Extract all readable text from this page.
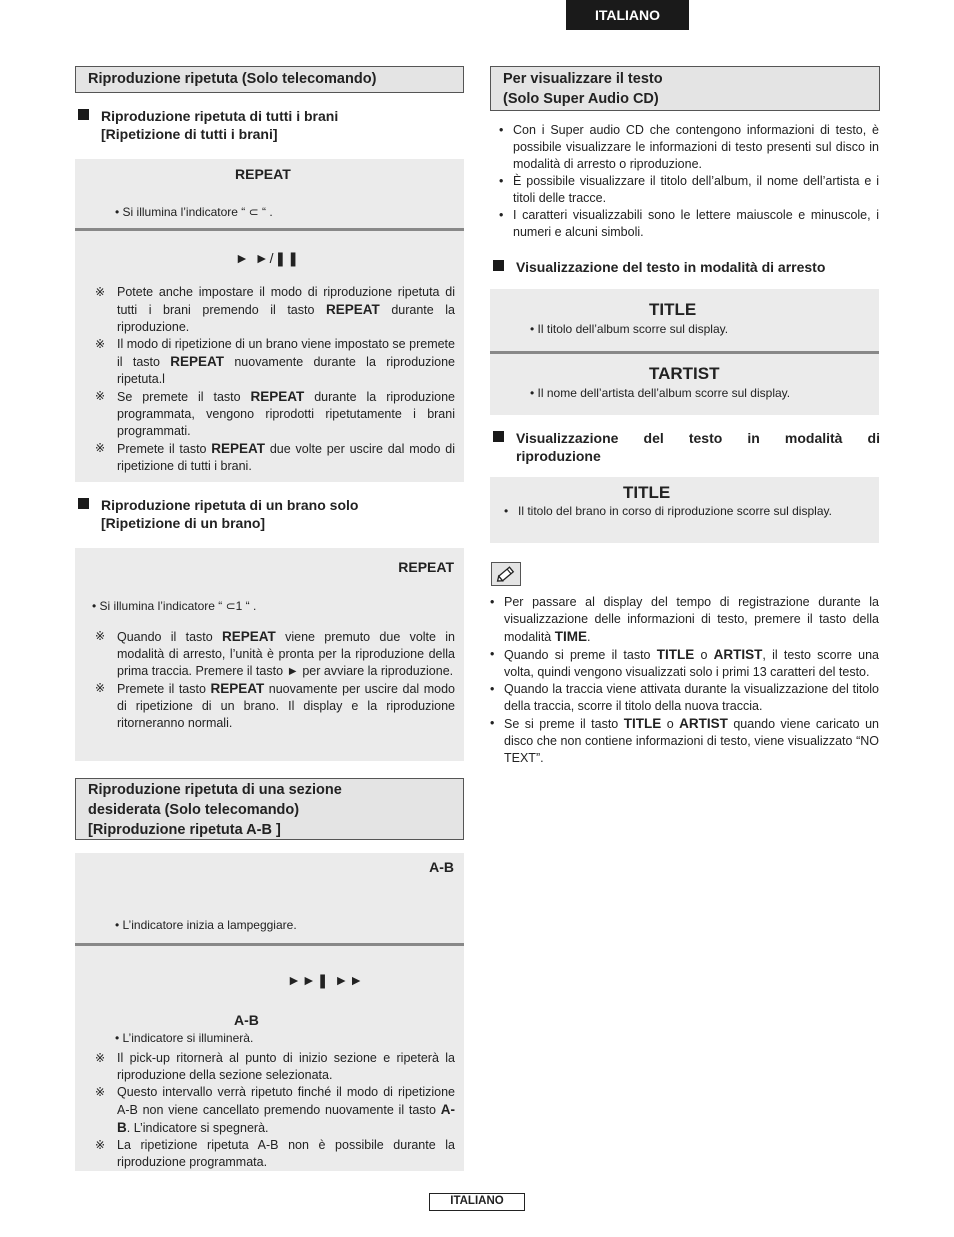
ITALIANO
Riproduzione ripetuta (Solo telecomando)
Riproduzione ripetuta di tutti i brani
[Ripetizione di tutti i brani]
REPEAT
• Si illumina l’indicatore “ ⊂ “ .
► ►/❚❚
※ Potete anche impostare il modo di riproduzione ripetuta di tutti i brani premendo il tasto REPEAT durante la riproduzione.
※ Il modo di ripetizione di un brano viene impostato se premete il tasto REPEAT nuovamente durante la riproduzione ripetuta.l
※ Se premete il tasto REPEAT durante la riproduzione programmata, vengono riprodotti ripetutamente i brani programmati.
※ Premete il tasto REPEAT due volte per uscire dal modo di ripetizione di tutti i brani.
Riproduzione ripetuta di un brano solo
[Ripetizione di un brano]
REPEAT
• Si illumina l’indicatore “ ⊂1 “ .
※ Quando il tasto REPEAT viene premuto due volte in modalità di arresto, l’unità è pronta per la riproduzione della prima traccia. Premere il tasto ► per avviare la riproduzione.
※ Premete il tasto REPEAT nuovamente per uscire dal modo di ripetizione di un brano. Il display e la riproduzione ritorneranno normali.
Riproduzione ripetuta di una sezione
desiderata (Solo telecomando)
[Riproduzione ripetuta A-B ]
A-B
• L’indicatore inizia a lampeggiare.
►►❚ ►►
A-B
• L’indicatore si illuminerà.
※ Il pick-up ritornerà al punto di inizio sezione e ripeterà la riproduzione della sezione selezionata.
※ Questo intervallo verrà ripetuto finché il modo di ripetizione A-B non viene cancellato premendo nuovamente il tasto A-B. L’indicatore si spegnerà.
※ La ripetizione ripetuta A-B non è possibile durante la riproduzione programmata.
Per visualizzare il testo
(Solo Super Audio CD)
• Con i Super audio CD che contengono informazioni di testo, è possibile visualizzare le informazioni di testo presenti sul disco in modalità di arresto o riproduzione.
• È possibile visualizzare il titolo dell’album, il nome dell’artista e i titoli delle tracce.
• I caratteri visualizzabili sono le lettere maiuscole e minuscole, i numeri e alcuni simboli.
Visualizzazione del testo in modalità di arresto
TITLE
• Il titolo dell’album scorre sul display.
TARTIST
• Il nome dell’artista dell’album scorre sul display.
Visualizzazione del testo in modalità di
riproduzione
TITLE
• Il titolo del brano in corso di riproduzione scorre sul display.
• Per passare al display del tempo di registrazione durante la visualizzazione delle informazioni di testo, premere il tasto della modalità TIME.
• Quando si preme il tasto TITLE o ARTIST, il testo scorre una volta, quindi vengono visualizzati solo i primi 13 caratteri del testo.
• Quando la traccia viene attivata durante la visualizzazione del titolo della traccia, scorre il titolo della nuova traccia.
• Se si preme il tasto TITLE o ARTIST quando viene caricato un disco che non contiene informazioni di testo, viene visualizzato “NO TEXT”.
ITALIANO
